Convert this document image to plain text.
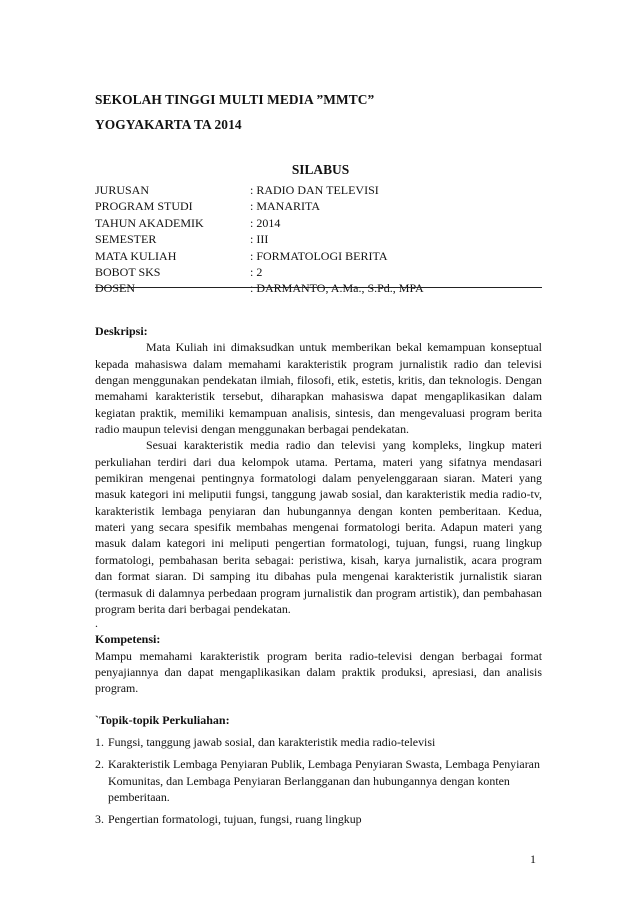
SEKOLAH TINGGI MULTI MEDIA ”MMTC”
YOGYAKARTA TA 2014
SILABUS
JURUSAN	: RADIO DAN TELEVISI
PROGRAM STUDI	: MANARITA
TAHUN AKADEMIK	: 2014
SEMESTER	: III
MATA KULIAH	: FORMATOLOGI BERITA
BOBOT SKS	: 2
DOSEN	: DARMANTO, A.Ma., S.Pd., MPA
Deskripsi:

Mata Kuliah ini dimaksudkan untuk memberikan bekal kemampuan konseptual kepada mahasiswa dalam memahami karakteristik program jurnalistik radio dan televisi dengan menggunakan pendekatan ilmiah, filosofi, etik, estetis, kritis, dan teknologis. Dengan memahami karakteristik tersebut, diharapkan mahasiswa dapat mengaplikasikan dalam kegiatan praktik, memiliki kemampuan analisis, sintesis, dan mengevaluasi program berita radio maupun televisi dengan menggunakan berbagai pendekatan.

Sesuai karakteristik media radio dan televisi yang kompleks, lingkup materi perkuliahan terdiri dari dua kelompok utama. Pertama, materi yang sifatnya mendasari pemikiran mengenai pentingnya formatologi dalam penyelenggaraan siaran. Materi yang masuk kategori ini meliputii fungsi, tanggung jawab sosial, dan karakteristik media radio-tv, karakteristik lembaga penyiaran dan hubungannya dengan konten pemberitaan. Kedua, materi yang secara spesifik membahas mengenai formatologi berita. Adapun materi yang masuk dalam kategori ini meliputi pengertian formatologi, tujuan, fungsi, ruang lingkup formatologi, pembahasan berita sebagai: peristiwa, kisah, karya jurnalistik, acara program dan format siaran. Di samping itu dibahas pula mengenai karakteristik jurnalistik siaran (termasuk di dalamnya perbedaan program jurnalistik dan program artistik), dan pembahasan program berita dari berbagai pendekatan.

.

Kompetensi:

Mampu memahami karakteristik program berita radio-televisi dengan berbagai format penyajiannya dan dapat mengaplikasikan dalam praktik produksi, apresiasi, dan analisis program.

`Topik-topik Perkuliahan:
1. Fungsi, tanggung jawab sosial, dan karakteristik media radio-televisi
2. Karakteristik Lembaga Penyiaran Publik, Lembaga Penyiaran Swasta, Lembaga Penyiaran Komunitas, dan Lembaga Penyiaran Berlangganan dan hubungannya dengan konten pemberitaan.
3. Pengertian formatologi, tujuan, fungsi, ruang lingkup
1
